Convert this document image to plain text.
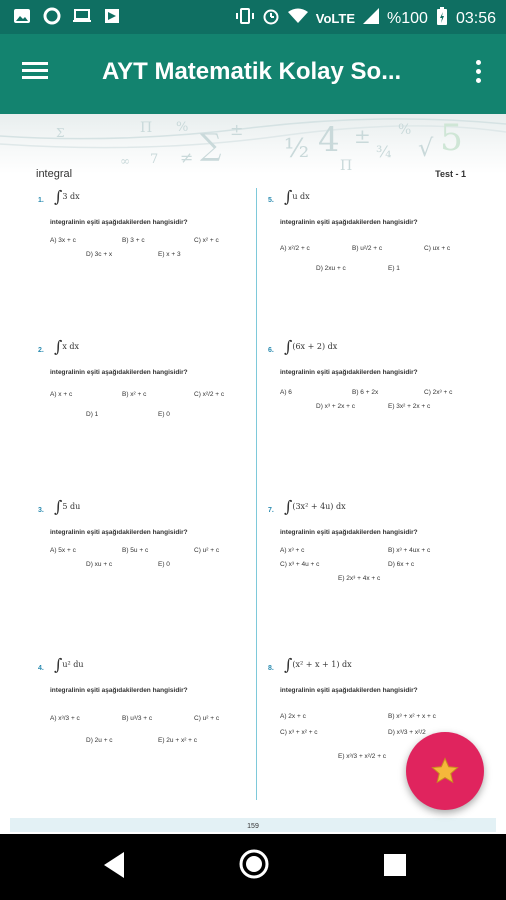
VoLTE %100 03:56
AYT Matematik Kolay So...
Π %
∑
≠
±
½ 4 ± %
¾ √ 5
Π
∞ 7
Σ
integral	Test - 1
1. ∫3 dx
integralinin eşiti aşağıdakilerden hangisidir?
A) 3x + c	B) 3 + c	C) x² + c
D) 3c + x	E) x + 3
2. ∫x dx
integralinin eşiti aşağıdakilerden hangisidir?
A) x + c	B) x² + c	C) x²/2 + c
D) 1	E) 0
3. ∫5 du
integralinin eşiti aşağıdakilerden hangisidir?
A) 5x + c	B) 5u + c	C) u² + c
D) xu + c	E) 0
4. ∫u² du
integralinin eşiti aşağıdakilerden hangisidir?
A) x³/3 + c	B) u³/3 + c	C) u² + c
D) 2u + c	E) 2u + x² + c
5. ∫u dx
integralinin eşiti aşağıdakilerden hangisidir?
A) x²/2 + c	B) u²/2 + c	C) ux + c
D) 2xu + c	E) 1
6. ∫(6x + 2) dx
integralinin eşiti aşağıdakilerden hangisidir?
A) 6	B) 6 + 2x	C) 2x³ + c
D) x³ + 2x + c	E) 3x² + 2x + c
7. ∫(3x² + 4u) dx
integralinin eşiti aşağıdakilerden hangisidir?
A) x³ + c	B) x³ + 4ux + c
C) x³ + 4u + c	D) 6x + c
E) 2x³ + 4x + c
8. ∫(x² + x + 1) dx
integralinin eşiti aşağıdakilerden hangisidir?
A) 2x + c	B) x³ + x² + x + c
C) x³ + x² + c	D) x³/3 + x²/2
E) x³/3 + x²/2 + c
159
